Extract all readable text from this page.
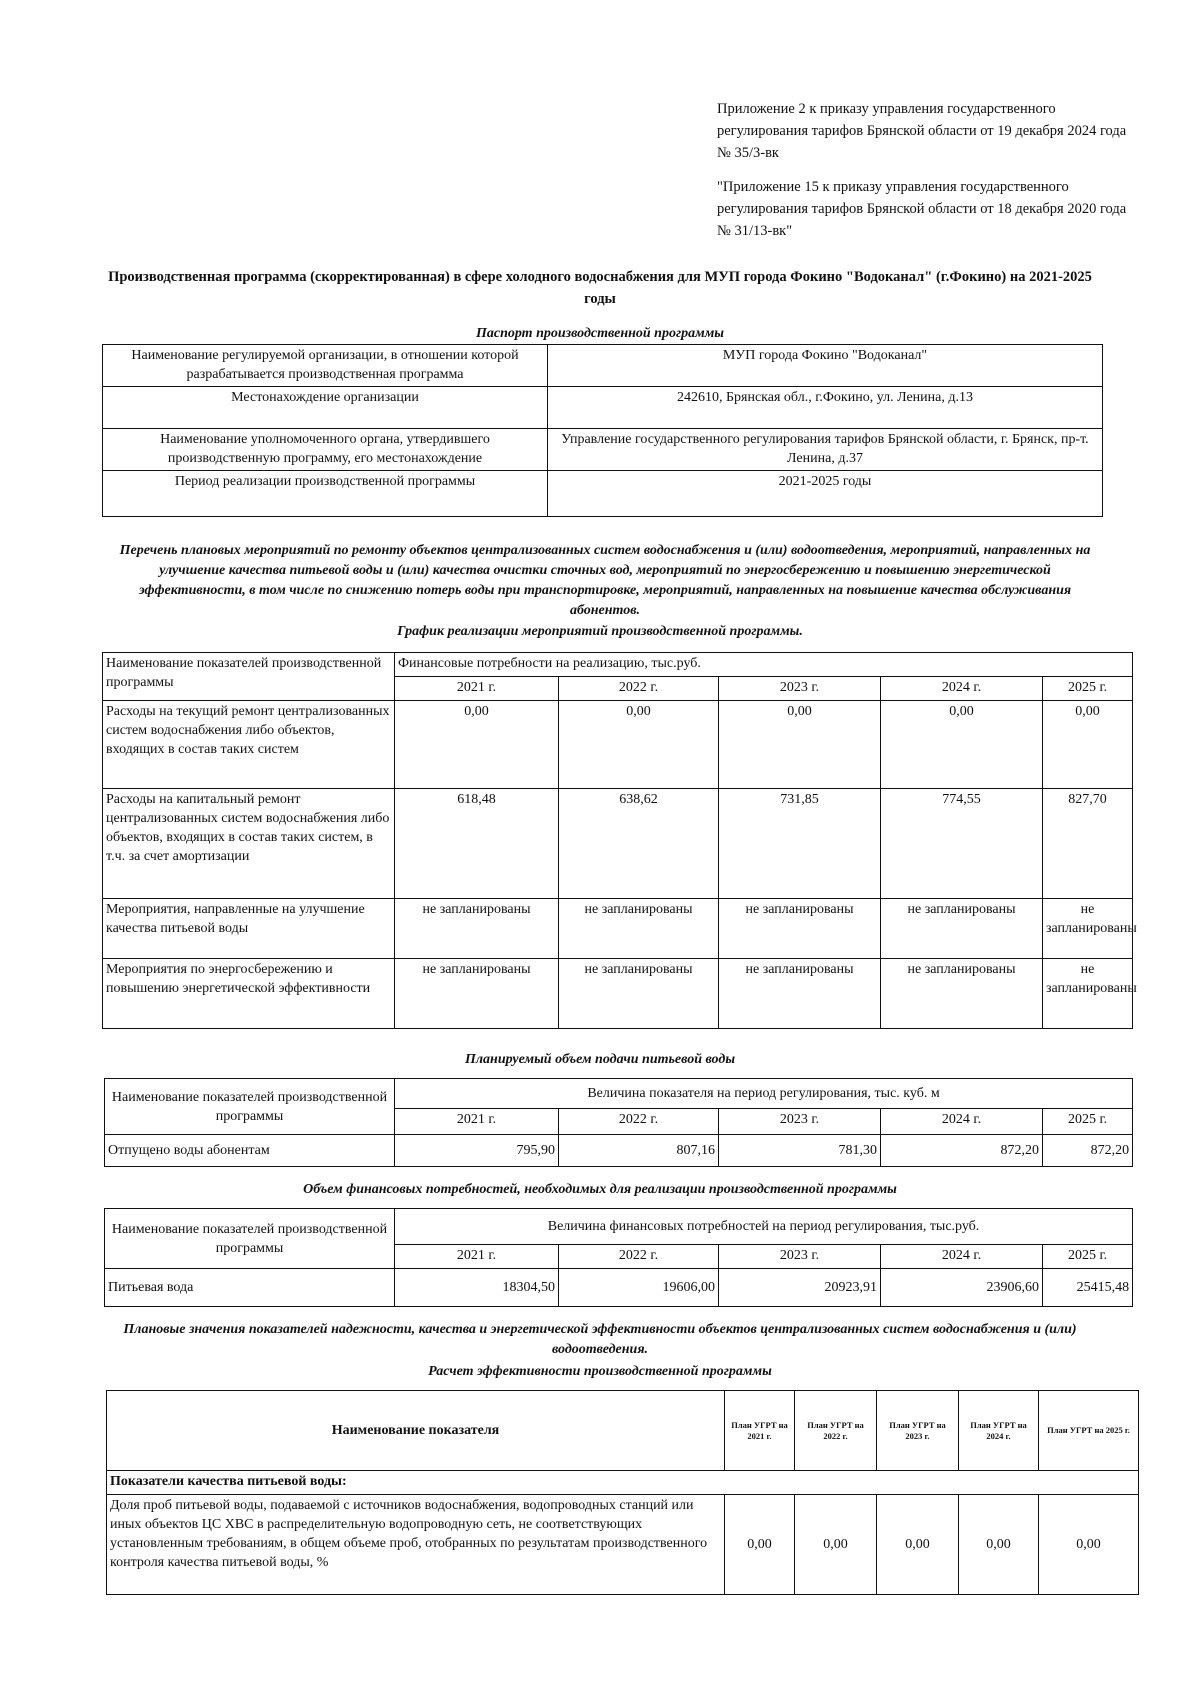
Приложение 2 к приказу управления государственного регулирования тарифов Брянской области от 19 декабря 2024 года № 35/3-вк

"Приложение 15 к приказу управления государственного регулирования тарифов Брянской области от 18 декабря 2020 года № 31/13-вк"

Производственная программа (скорректированная) в сфере холодного водоснабжения для МУП города Фокино "Водоканал" (г.Фокино) на 2021-2025 годы
Паспорт производственной программы
Наименование регулируемой организации, в отношении которой разрабатывается производственная программа	МУП города Фокино "Водоканал"
Местонахождение организации	242610, Брянская обл., г.Фокино, ул. Ленина, д.13
Наименование уполномоченного органа, утвердившего производственную программу, его местонахождение	Управление государственного регулирования тарифов Брянской области, г. Брянск, пр-т. Ленина, д.37
Период реализации производственной программы	2021-2025 годы
Перечень плановых мероприятий по ремонту объектов централизованных систем водоснабжения и (или) водоотведения, мероприятий, направленных на улучшение качества питьевой воды и (или) качества очистки сточных вод, мероприятий по энергосбережению и повышению энергетической эффективности, в том числе по снижению потерь воды при транспортировке, мероприятий, направленных на повышение качества обслуживания абонентов.
График реализации мероприятий производственной программы.
Наименование показателей производственной программы	Финансовые потребности на реализацию, тыс.руб.				
	2021 г.	2022 г.	2023 г.	2024 г.	2025 г.
Расходы на текущий ремонт централизованных систем водоснабжения либо объектов, входящих в состав таких систем	0,00	0,00	0,00	0,00	0,00
Расходы на капитальный ремонт централизованных систем водоснабжения либо объектов, входящих в состав таких систем, в т.ч. за счет амортизации	618,48	638,62	731,85	774,55	827,70
Мероприятия, направленные на улучшение качества питьевой воды	не запланированы	не запланированы	не запланированы	не запланированы	не запланированы
Мероприятия по энергосбережению и повышению энергетической эффективности	не запланированы	не запланированы	не запланированы	не запланированы	не запланированы
Планируемый объем подачи питьевой воды
Наименование показателей производственной программы	Величина показателя на период регулирования, тыс. куб. м				
	2021 г.	2022 г.	2023 г.	2024 г.	2025 г.
Отпущено воды абонентам	795,90	807,16	781,30	872,20	872,20
Объем финансовых потребностей, необходимых для реализации производственной программы
Наименование показателей производственной программы	Величина финансовых потребностей на период регулирования, тыс.руб.				
	2021 г.	2022 г.	2023 г.	2024 г.	2025 г.
Питьевая вода	18304,50	19606,00	20923,91	23906,60	25415,48
Плановые значения показателей надежности, качества и энергетической эффективности объектов централизованных систем водоснабжения и (или) водоотведения.
Расчет эффективности производственной программы
Наименование показателя	План УГРТ на 2021 г.	План УГРТ на 2022 г.	План УГРТ на 2023 г.	План УГРТ на 2024 г.	План УГРТ на 2025 г.
Показатели качества питьевой воды:					
Доля проб питьевой воды, подаваемой с источников водоснабжения, водопроводных станций или иных объектов ЦС ХВС в распределительную водопроводную сеть, не соответствующих установленным требованиям, в общем объеме проб, отобранных по результатам производственного контроля качества питьевой воды, %	0,00	0,00	0,00	0,00	0,00
